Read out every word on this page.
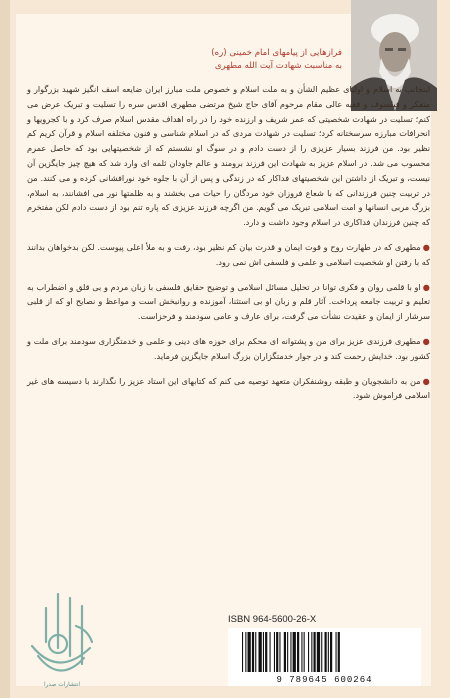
فرازهایی از پیامهای امام خمینی (ره)
به مناسبت شهادت آیت الله مطهری

اینجانب به اسلام و اولیای عظیم الشأن و به ملت اسلام و خصوص ملت مبارز ایران ضایعه اسف انگیز شهید بزرگوار و متفکر و فیلسوف و فقیه عالی مقام مرحوم آقای حاج شیخ مرتضی مطهری اقدس سره را تسلیت و تبریک عرض می کنم؛ تسلیت در شهادت شخصیتی که عمر شریف و ارزنده خود را در راه اهداف مقدس اسلام صرف کرد و با کجرویها و انحرافات مبارزه سرسختانه کرد؛ تسلیت در شهادت مردی که در اسلام شناسی و فنون مختلفه اسلام و قرآن کریم کم نظیر بود. من فرزند بسیار عزیزی را از دست دادم و در سوگ او نشستم که از شخصیتهایی بود که حاصل عمرم محسوب می شد. در اسلام عزیز به شهادت این فرزند برومند و عالم جاودان ثلمه ای وارد شد که هیچ چیز جایگزین آن نیست، و تبریک از داشتن این شخصیتهای فداکار که در زندگی و پس از آن با جلوه خود نورافشانی کرده و می کنند. من در تربیت چنین فرزندانی که با شعاع فروزان خود مردگان را حیات می بخشند و به ظلمتها نور می افشانند، به اسلام، بزرگ مربی انسانها و امت اسلامی تبریک می گویم. من اگرچه فرزند عزیزی که پاره تنم بود از دست دادم لکن مفتخرم که چنین فرزندان فداکاری در اسلام وجود داشت و دارد.

●مطهری که در طهارت روح و قوت ایمان و قدرت بیان کم نظیر بود، رفت و به ملأ اعلی پیوست. لکن بدخواهان بدانند که با رفتن او شخصیت اسلامی و علمی و فلسفی اش نمی رود.

●او با قلمی روان و فکری توانا در تحلیل مسائل اسلامی و توضیح حقایق فلسفی با زبان مردم و بی قلق و اضطراب به تعلیم و تربیت جامعه پرداخت. آثار قلم و زبان او بی استثنا، آموزنده و روانبخش است و مواعظ و نصایح او که از قلبی سرشار از ایمان و عقیدت نشأت می گرفت، برای عارف و عامی سودمند و فرحزاست.

●مطهری فرزندی عزیز برای من و پشتوانه ای محکم برای حوزه های دینی و علمی و خدمتگزاری سودمند برای ملت و کشور بود. خدایش رحمت کند و در جوار خدمتگزاران بزرگ اسلام جایگزین فرماید.

●من به دانشجویان و طبقه روشنفکران متعهد توصیه می کنم که کتابهای این استاد عزیز را نگذارند با دسیسه های غیر اسلامی فراموش شود.

انتشارات صدرا
ISBN 964-5600-26-X
9 789645 600264
